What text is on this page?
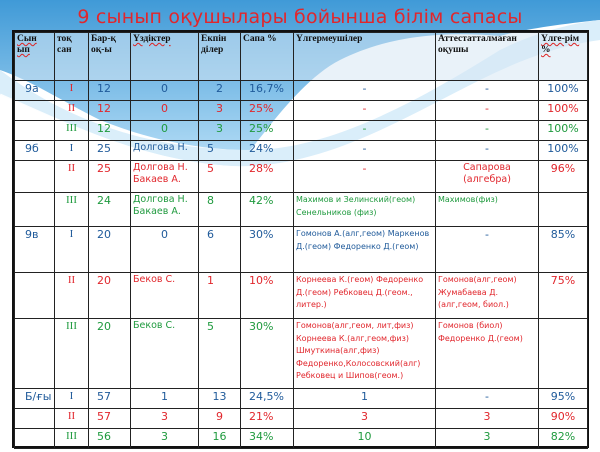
9 сынып оқушылары бойынша білім сапасы
Сын ып	тоқ сан	Бар-қ оқ-ы	Үздіктер	Екпін ділер	Сапа %	Үлгермеушілер	Аттестатталмаған оқушы	Үлге-рім %
9а	I	12	0	2	16,7%	-	-	100%
	II	12	0	3	25%	-	-	100%
	III	12	0	3	25%	-	-	100%
9б	I	25	Долгова Н.	5	24%	-	-	100%
	II	25	Долгова Н. Бакаев А.	5	28%	-	Сапарова (алгебра)	96%
	III	24	Долгова Н. Бакаев А.	8	42%	Махимов и Зелинский(геом) Сенельников (физ)	Махимов(физ)	
9в	I	20	0	6	30%	Гомонов А.(алг,геом) Маркенов Д.(геом) Федоренко Д.(геом)	-	85%
	II	20	Беков С.	1	10%	Корнеева К.(геом) Федоренко Д.(геом) Ребковец Д.(геом., литер.)	Гомонов(алг,геом) Жумабаева Д. (алг,геом, биол.)	75%
	III	20	Беков С.	5	30%	Гомонов(алг,геом, лит,физ) Корнеева К.(алг,геом,физ) Шмуткина(алг,физ) Федоренко,Колосовский(алг) Ребковец и Шипов(геом.)	Гомонов (биол) Федоренко Д.(геом)	
Б/ғы	I	57	1	13	24,5%	1	-	95%
	II	57	3	9	21%	3	3	90%
	III	56	3	16	34%	10	3	82%
